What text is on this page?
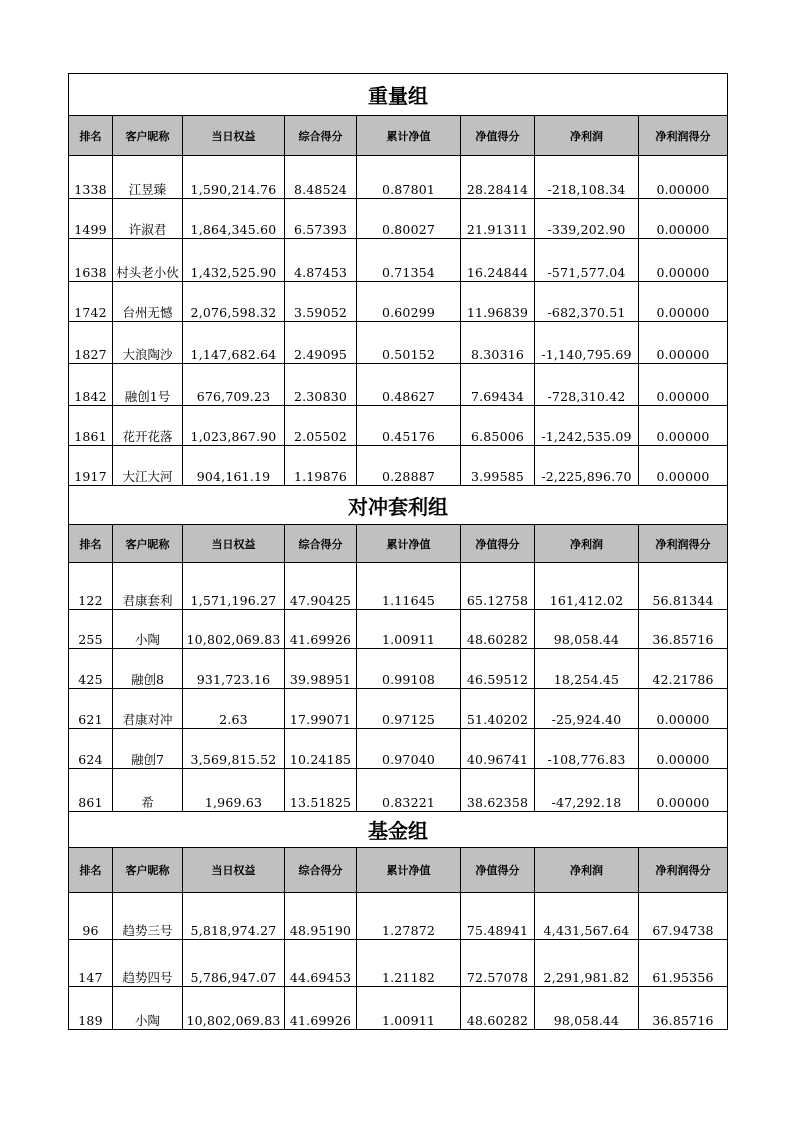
重量组							
排名	客户昵称	当日权益	综合得分	累计净值	净值得分	净利润	净利润得分
1338	江昱臻	1,590,214.76	8.48524	0.87801	28.28414	-218,108.34	0.00000
1499	许淑君	1,864,345.60	6.57393	0.80027	21.91311	-339,202.90	0.00000
1638	村头老小伙	1,432,525.90	4.87453	0.71354	16.24844	-571,577.04	0.00000
1742	台州无憾	2,076,598.32	3.59052	0.60299	11.96839	-682,370.51	0.00000
1827	大浪陶沙	1,147,682.64	2.49095	0.50152	8.30316	-1,140,795.69	0.00000
1842	融创1号	676,709.23	2.30830	0.48627	7.69434	-728,310.42	0.00000
1861	花开花落	1,023,867.90	2.05502	0.45176	6.85006	-1,242,535.09	0.00000
1917	大江大河	904,161.19	1.19876	0.28887	3.99585	-2,225,896.70	0.00000
对冲套利组							
排名	客户昵称	当日权益	综合得分	累计净值	净值得分	净利润	净利润得分
122	君康套利	1,571,196.27	47.90425	1.11645	65.12758	161,412.02	56.81344
255	小陶	10,802,069.83	41.69926	1.00911	48.60282	98,058.44	36.85716
425	融创8	931,723.16	39.98951	0.99108	46.59512	18,254.45	42.21786
621	君康对冲	2.63	17.99071	0.97125	51.40202	-25,924.40	0.00000
624	融创7	3,569,815.52	10.24185	0.97040	40.96741	-108,776.83	0.00000
861	希	1,969.63	13.51825	0.83221	38.62358	-47,292.18	0.00000
基金组							
排名	客户昵称	当日权益	综合得分	累计净值	净值得分	净利润	净利润得分
96	趋势三号	5,818,974.27	48.95190	1.27872	75.48941	4,431,567.64	67.94738
147	趋势四号	5,786,947.07	44.69453	1.21182	72.57078	2,291,981.82	61.95356
189	小陶	10,802,069.83	41.69926	1.00911	48.60282	98,058.44	36.85716
